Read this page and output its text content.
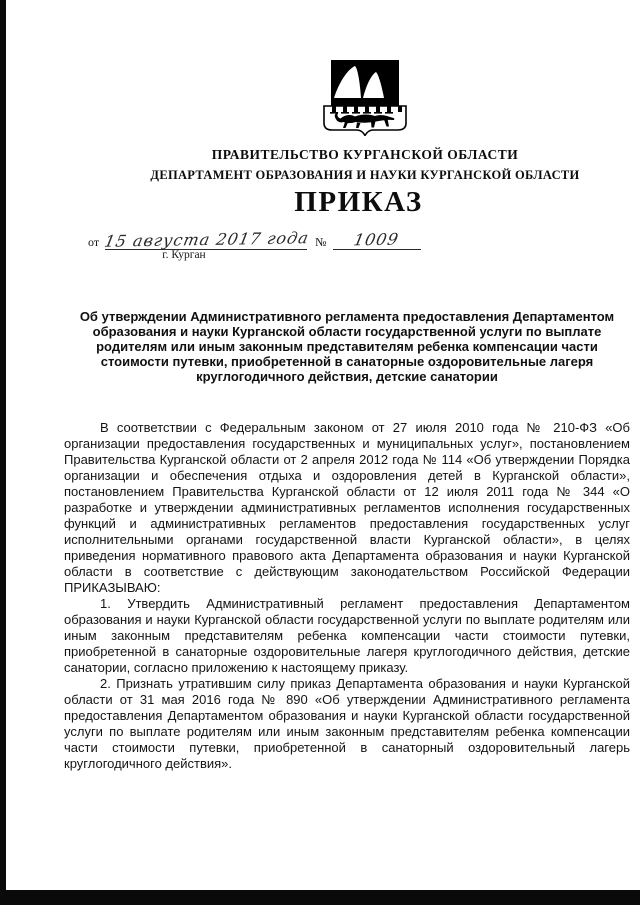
ПРАВИТЕЛЬСТВО КУРГАНСКОЙ ОБЛАСТИ
ДЕПАРТАМЕНТ ОБРАЗОВАНИЯ И НАУКИ КУРГАНСКОЙ ОБЛАСТИ
ПРИКАЗ
от 15 августа 2017 года №	1009
г. Курган
Об утверждении Административного регламента предоставления Департаментом образования и науки Курганской области государственной услуги по выплате родителям или иным законным представителям ребенка компенсации части стоимости путевки, приобретенной в санаторные оздоровительные лагеря круглогодичного действия, детские санатории

В соответствии с Федеральным законом от 27 июля 2010 года № 210-ФЗ «Об организации предоставления государственных и муниципальных услуг», постановлением Правительства Курганской области от 2 апреля 2012 года № 114 «Об утверждении Порядка организации и обеспечения отдыха и оздоровления детей в Курганской области», постановлением Правительства Курганской области от 12 июля 2011 года № 344 «О разработке и утверждении административных регламентов исполнения государственных функций и административных регламентов предоставления государственных услуг исполнительными органами государственной власти Курганской области», в целях приведения нормативного правового акта Департамента образования и науки Курганской области в соответствие с действующим законодательством Российской Федерации ПРИКАЗЫВАЮ:

1. Утвердить Административный регламент предоставления Департаментом образования и науки Курганской области государственной услуги по выплате родителям или иным законным представителям ребенка компенсации части стоимости путевки, приобретенной в санаторные оздоровительные лагеря круглогодичного действия, детские санатории, согласно приложению к настоящему приказу.

2. Признать утратившим силу приказ Департамента образования и науки Курганской области от 31 мая 2016 года № 890 «Об утверждении Административного регламента предоставления Департаментом образования и науки Курганской области государственной услуги по выплате родителям или иным законным представителям ребенка компенсации части стоимости путевки, приобретенной в санаторный оздоровительный лагерь круглогодичного действия».
